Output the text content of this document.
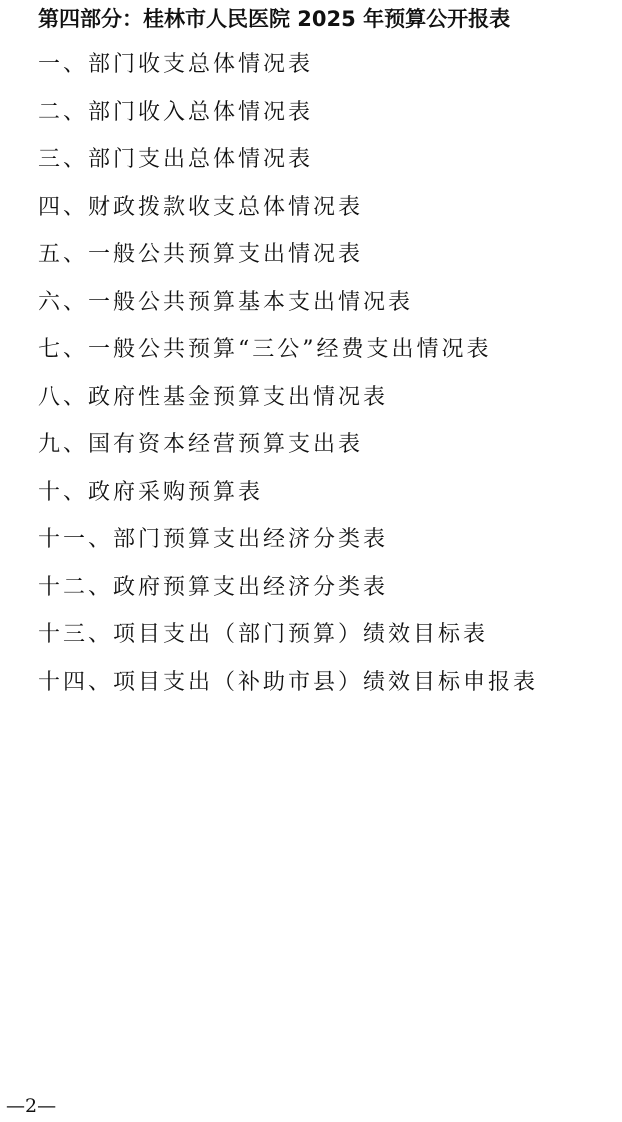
第四部分：桂林市人民医院 2025 年预算公开报表
一、部门收支总体情况表
二、部门收入总体情况表
三、部门支出总体情况表
四、财政拨款收支总体情况表
五、一般公共预算支出情况表
六、一般公共预算基本支出情况表
七、一般公共预算“三公”经费支出情况表
八、政府性基金预算支出情况表
九、国有资本经营预算支出表
十、政府采购预算表
十一、部门预算支出经济分类表
十二、政府预算支出经济分类表
十三、项目支出（部门预算）绩效目标表
十四、项目支出（补助市县）绩效目标申报表
—2—
